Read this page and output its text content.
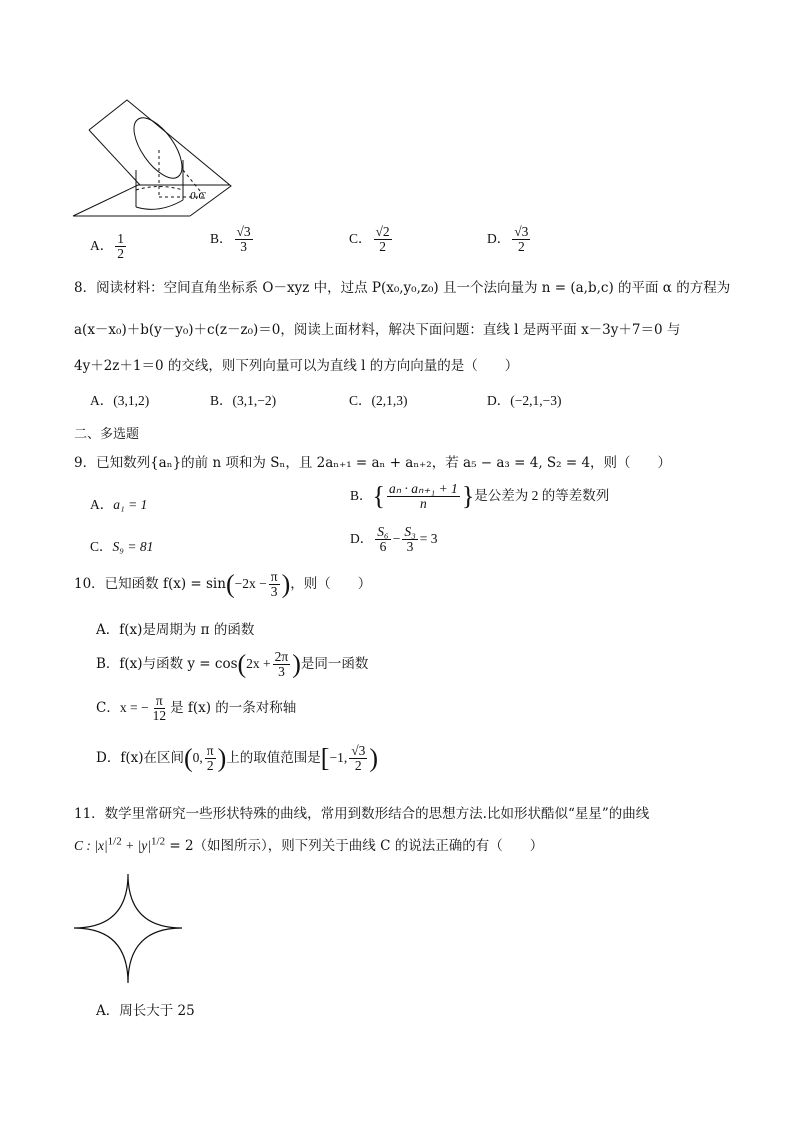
0.C
A． $\frac{1}{2}$	B． $\frac{√3}{3}$	C． $\frac{√2}{2}$	D． $\frac{√3}{2}$
8．阅读材料：空间直角坐标系 O－xyz 中，过点 P(x₀,y₀,z₀) 且一个法向量为 n = (a,b,c) 的平面 α 的方程为
a(x－x₀)＋b(y－y₀)＋c(z－z₀)＝0，阅读上面材料，解决下面问题：直线 l 是两平面 x－3y＋7＝0 与
4y＋2z＋1＝0 的交线，则下列向量可以为直线 l 的方向向量的是（　　）
A．(3,1,2)	B．(3,1,−2)	C．(2,1,3)	D．(−2,1,−3)
二、多选题
9．已知数列{aₙ}的前 n 项和为 Sₙ，且 2aₙ₊₁ = aₙ + aₙ₊₂，若 a₅ − a₃ = 4, S₂ = 4，则（　　）
A．a₁ = 1
B．{ $\frac{\text{aₙ · aₙ₊₁ + 1}}{n}$ }是公差为 2 的等差数列
C．S₉ = 81
D． $\frac{\text{S₆}}{6} - \frac{\text{S₃}}{3} = 3$
10．已知函数 $f(x) = \sin(-2x - \frac{\pi}{3}$ )，则（　　）
A．f(x)是周期为 π 的函数
B．f(x)与函数 $y = \cos(2x + \frac{2\pi}{3}$ )是同一函数
C．x = − $\frac{\pi}{12}$ 是 f(x) 的一条对称轴
D．f(x)在区间(0, $\frac{\pi}{2}$ )上的取值范围是[−1, $\frac{√3}{2}$ )
11．数学里常研究一些形状特殊的曲线，常用到数形结合的思想方法.比如形状酷似“星星”的曲线
C : $|x|^{1/2} + |y|^{1/2} = 2$（如图所示），则下列关于曲线 C 的说法正确的有（　　）
A．周长大于 25
